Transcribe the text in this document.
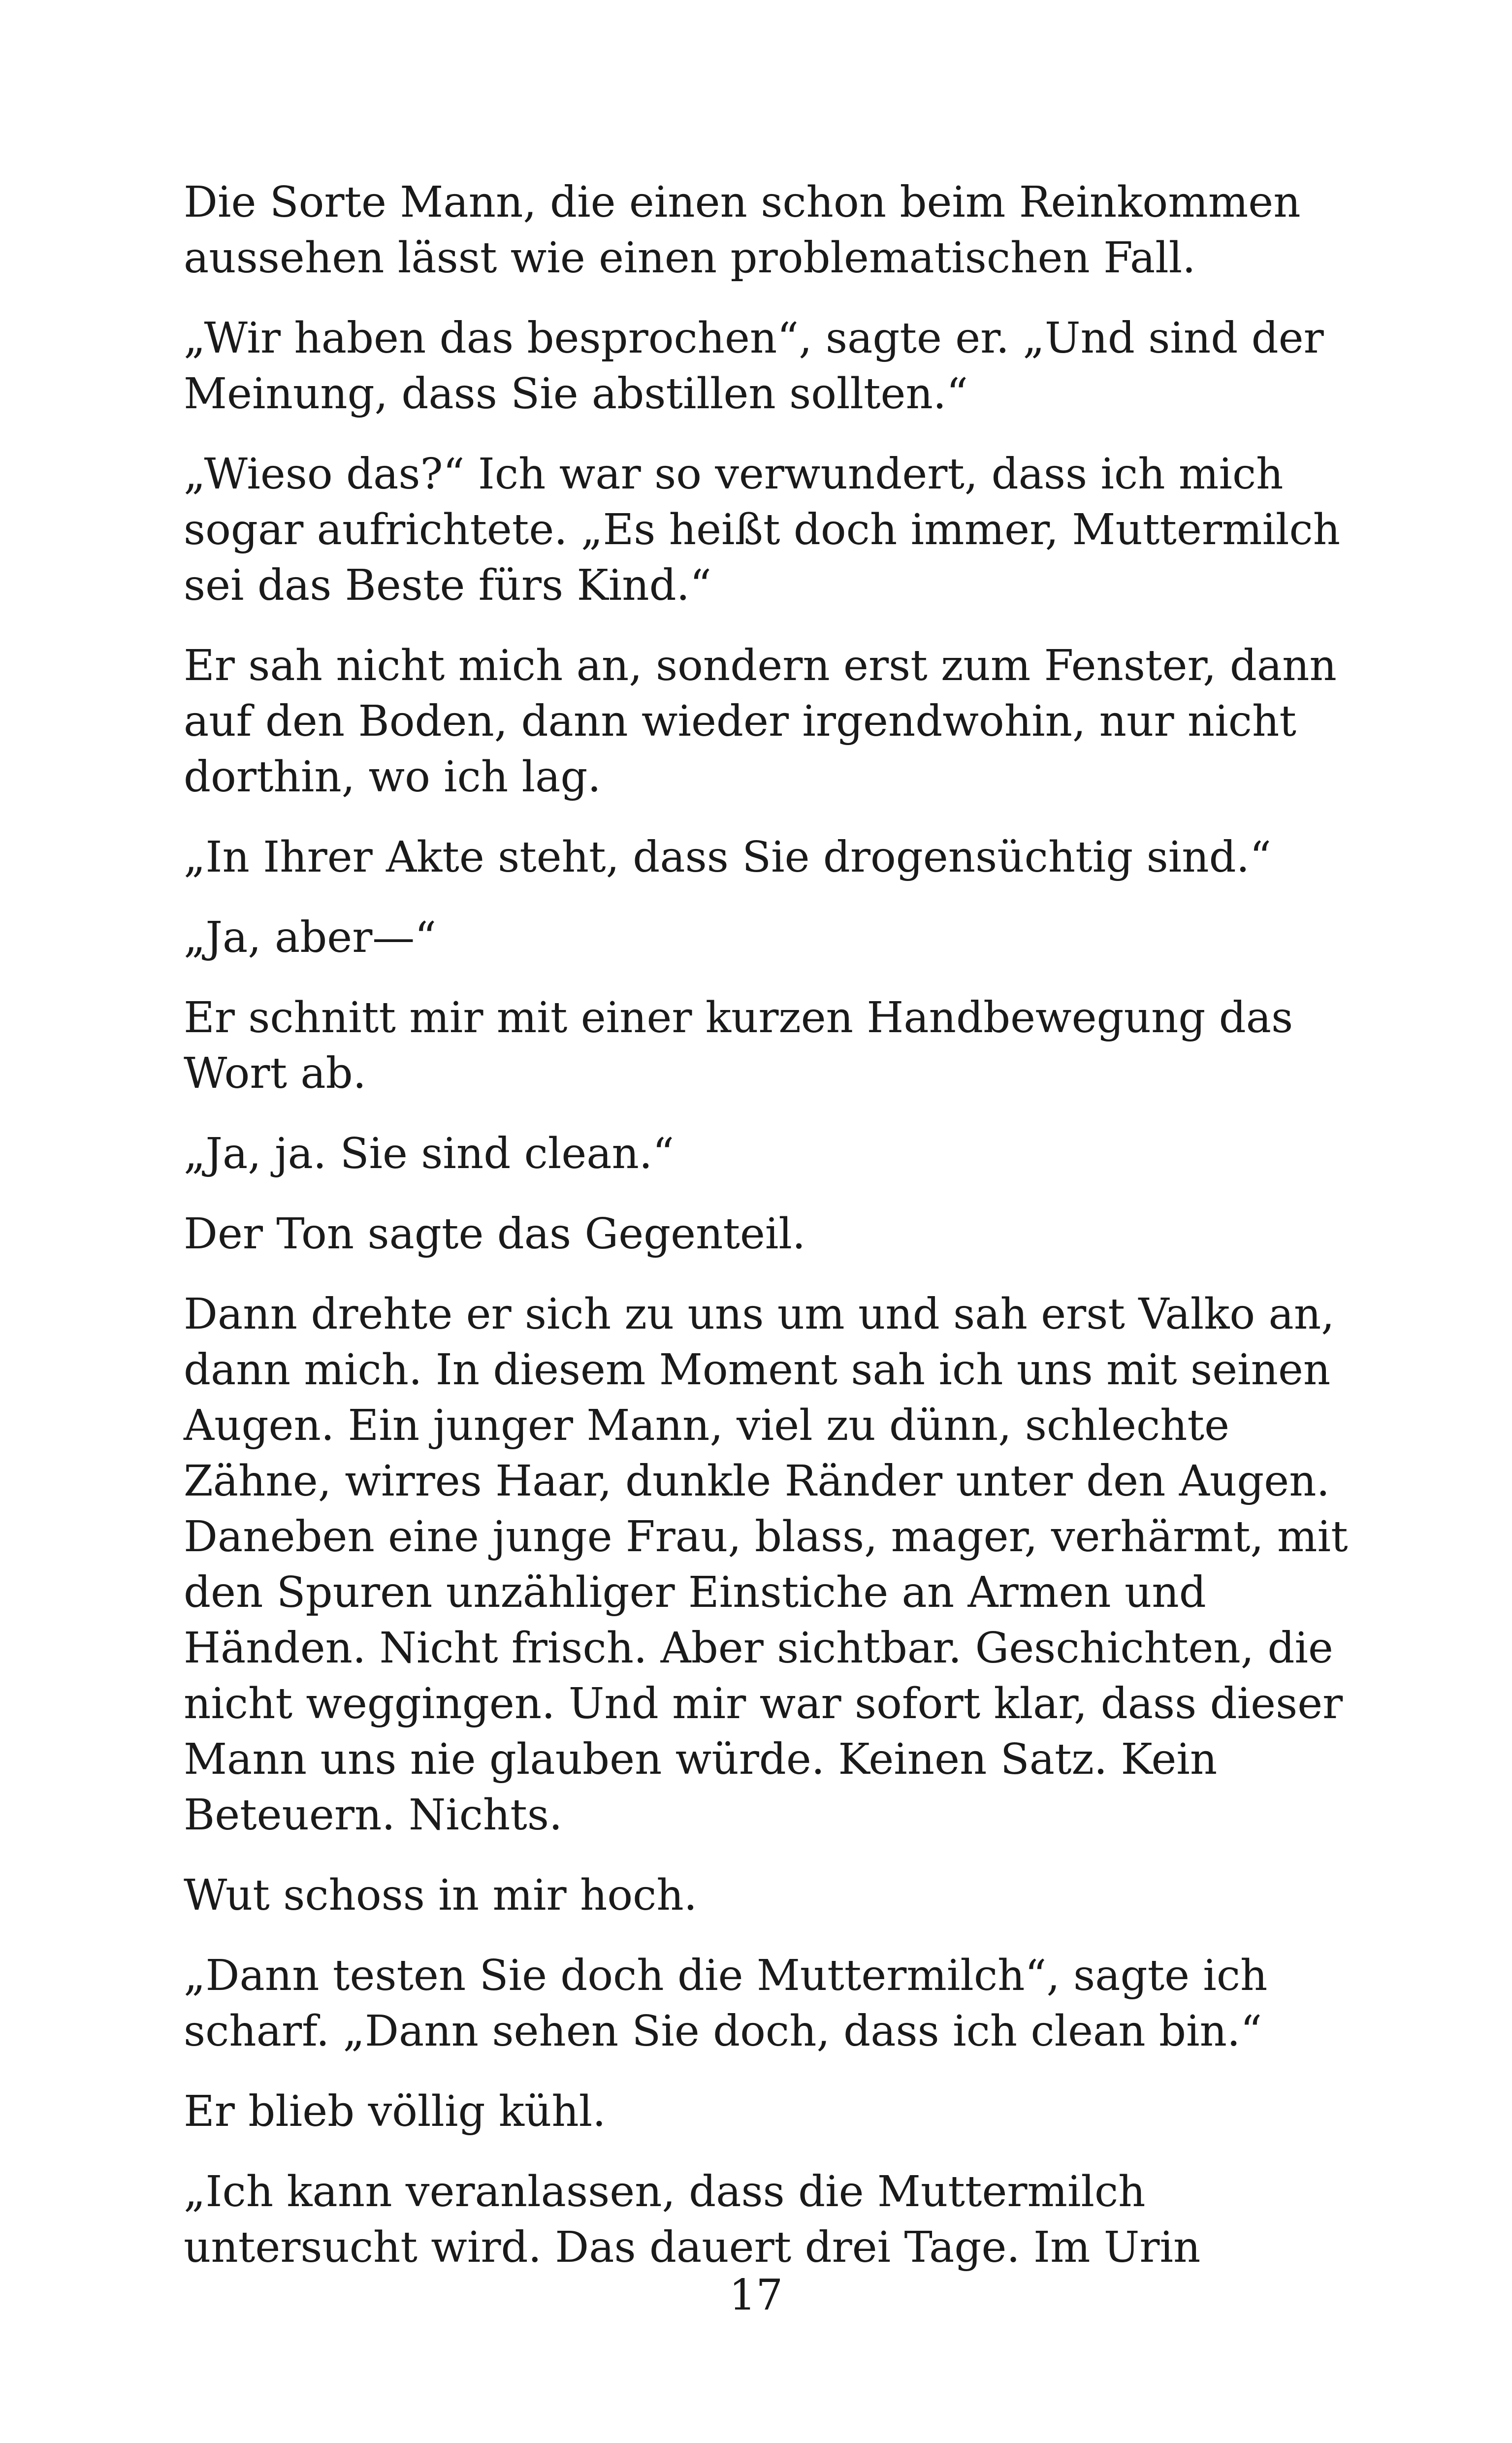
Die Sorte Mann, die einen schon beim Reinkommen
aussehen lässt wie einen problematischen Fall.

„Wir haben das besprochen“, sagte er. „Und sind der
Meinung, dass Sie abstillen sollten.“

„Wieso das?“ Ich war so verwundert, dass ich mich
sogar aufrichtete. „Es heißt doch immer, Muttermilch
sei das Beste fürs Kind.“

Er sah nicht mich an, sondern erst zum Fenster, dann
auf den Boden, dann wieder irgendwohin, nur nicht
dorthin, wo ich lag.

„In Ihrer Akte steht, dass Sie drogensüchtig sind.“

„Ja, aber—“

Er schnitt mir mit einer kurzen Handbewegung das
Wort ab.

„Ja, ja. Sie sind clean.“

Der Ton sagte das Gegenteil.

Dann drehte er sich zu uns um und sah erst Valko an,
dann mich. In diesem Moment sah ich uns mit seinen
Augen. Ein junger Mann, viel zu dünn, schlechte
Zähne, wirres Haar, dunkle Ränder unter den Augen.
Daneben eine junge Frau, blass, mager, verhärmt, mit
den Spuren unzähliger Einstiche an Armen und
Händen. Nicht frisch. Aber sichtbar. Geschichten, die
nicht weggingen. Und mir war sofort klar, dass dieser
Mann uns nie glauben würde. Keinen Satz. Kein
Beteuern. Nichts.

Wut schoss in mir hoch.

„Dann testen Sie doch die Muttermilch“, sagte ich
scharf. „Dann sehen Sie doch, dass ich clean bin.“

Er blieb völlig kühl.

„Ich kann veranlassen, dass die Muttermilch
untersucht wird. Das dauert drei Tage. Im Urin

17
